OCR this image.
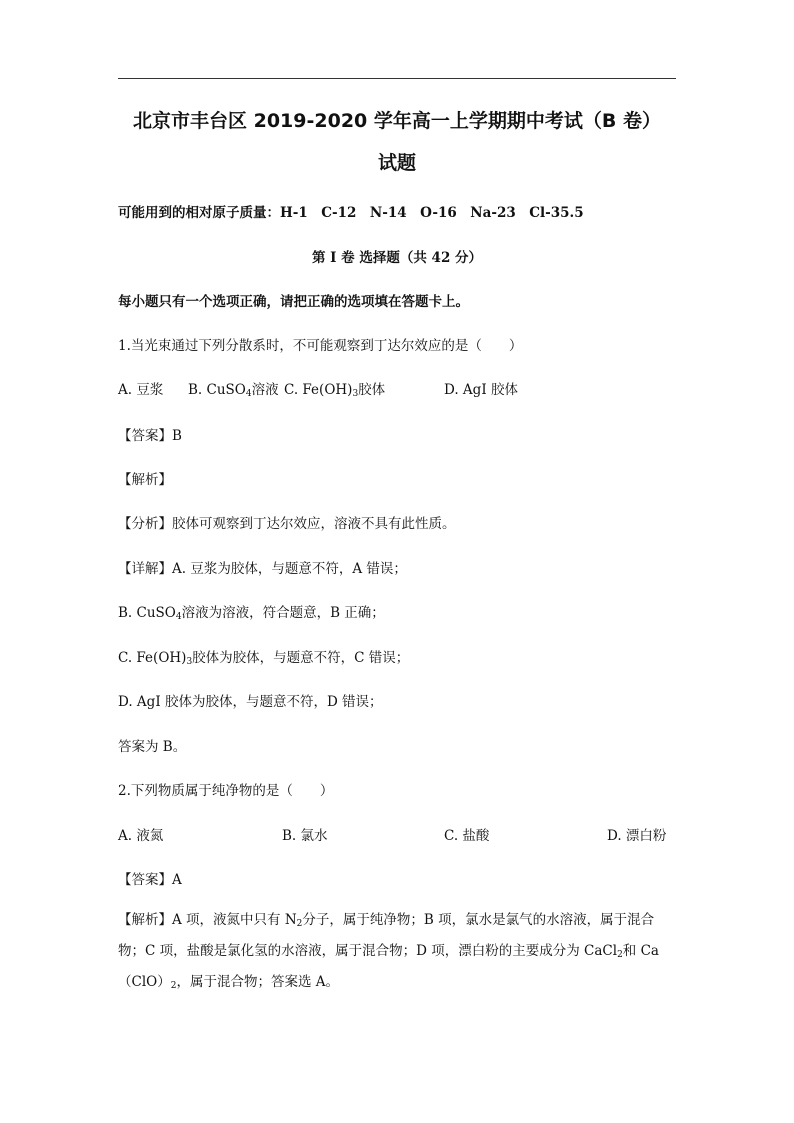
北京市丰台区 2019-2020 学年高一上学期期中考试（B 卷）
试题
可能用到的相对原子质量：H-1　C-12　N-14　O-16　Na-23　Cl-35.5
第 I 卷 选择题（共 42 分）
每小题只有一个选项正确，请把正确的选项填在答题卡上。
1.当光束通过下列分散系时，不可能观察到丁达尔效应的是（　　）
A. 豆浆 B. CuSO$_4$溶液 C. $Fe(OH)_3$胶体	D. AgI 胶体
【答案】B
【解析】
【分析】胶体可观察到丁达尔效应，溶液不具有此性质。
【详解】A. 豆浆为胶体，与题意不符，A 错误；
B. CuSO$_4$溶液为溶液，符合题意，B 正确；
C. $Fe(OH)_3$胶体为胶体，与题意不符，C 错误；
D. AgI 胶体为胶体，与题意不符，D 错误；
答案为 B。
2.下列物质属于纯净物的是（　　）
A. 液氮	B. 氯水	C. 盐酸	D. 漂白粉
【答案】A
【解析】A 项，液氮中只有 $N_2$分子，属于纯净物；B 项，氯水是氯气的水溶液，属于混合物；C 项，盐酸是氯化氢的水溶液，属于混合物；D 项，漂白粉的主要成分为 CaCl$_2$和 $Ca(ClO)_2$，属于混合物；答案选 A。
